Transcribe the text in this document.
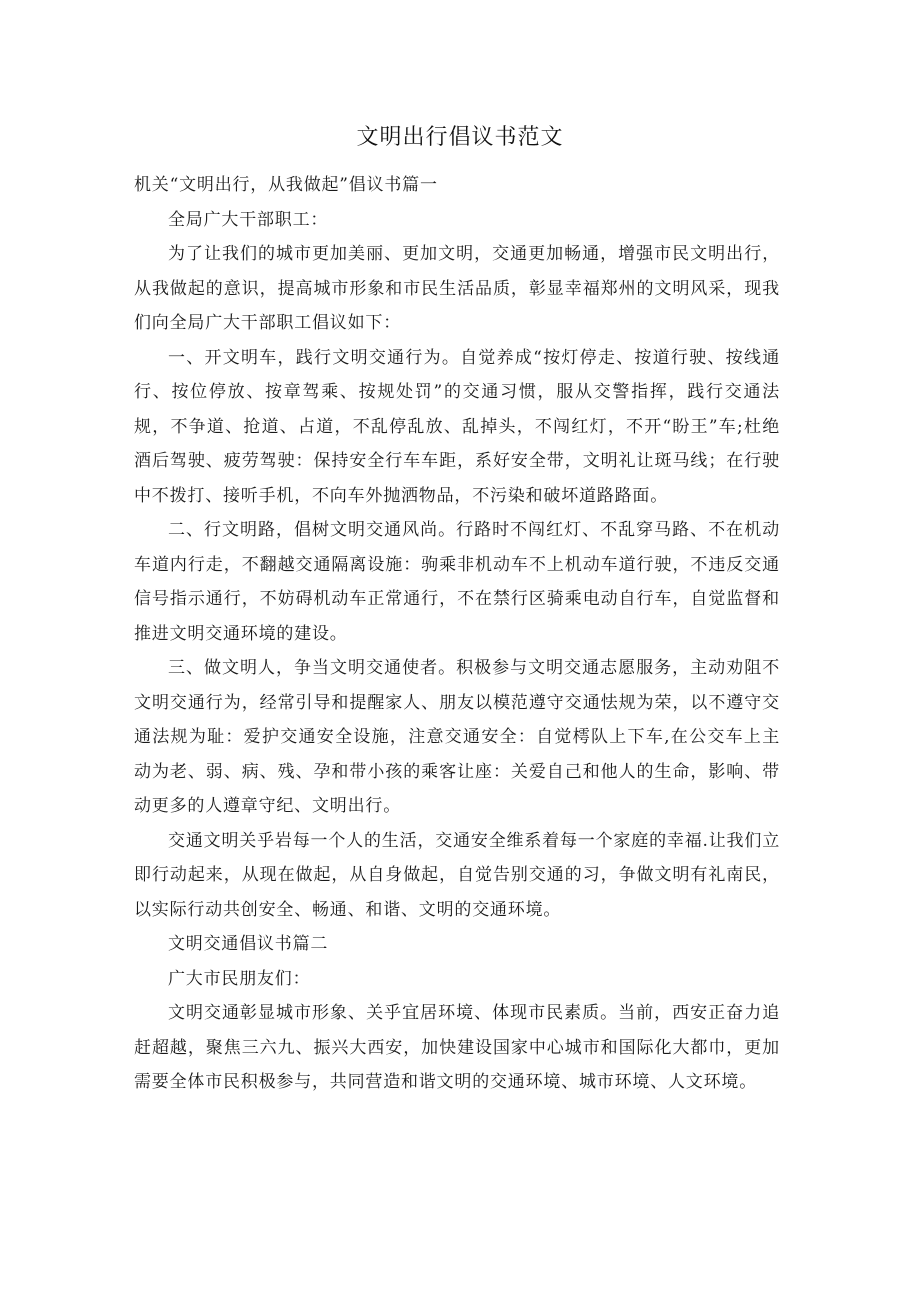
文明出行倡议书范文

机关“文明出行，从我做起”倡议书篇一

全局广大干部职工：

为了让我们的城市更加美丽、更加文明，交通更加畅通，增强市民文明出行，从我做起的意识，提高城市形象和市民生活品质，彰显幸福郑州的文明风采，现我们向全局广大干部职工倡议如下：

一、开文明车，践行文明交通行为。自觉养成“按灯停走、按道行驶、按线通行、按位停放、按章驾乘、按规处罚”的交通习惯，服从交警指挥，践行交通法规，不争道、抢道、占道，不乱停乱放、乱掉头，不闯红灯，不开“盼王”车;杜绝酒后驾驶、疲劳驾驶：保持安全行车车距，系好安全带，文明礼让斑马线；在行驶中不拨打、接听手机，不向车外抛洒物品，不污染和破坏道路路面。

二、行文明路，倡树文明交通风尚。行路时不闯红灯、不乱穿马路、不在机动车道内行走，不翻越交通隔离设施：驹乘非机动车不上机动车道行驶，不违反交通信号指示通行，不妨碍机动车正常通行，不在禁行区骑乘电动自行车，自觉监督和推进文明交通环境的建设。

三、做文明人，争当文明交通使者。积极参与文明交通志愿服务，主动劝阻不文明交通行为，经常引导和提醒家人、朋友以模范遵守交通怯规为荣，以不遵守交通法规为耻：爱护交通安全设施，注意交通安全：自觉樗队上下车,在公交车上主动为老、弱、病、残、孕和带小孩的乘客让座：关爱自己和他人的生命，影响、带动更多的人遵章守纪、文明出行。

交通文明关乎岩每一个人的生活，交通安全维系着每一个家庭的幸福.让我们立即行动起来，从现在做起，从自身做起，自觉告别交通的习，争做文明有礼南民，以实际行动共创安全、畅通、和谐、文明的交通环境。

文明交通倡议书篇二

广大市民朋友们：

文明交通彰显城市形象、关乎宜居环境、体现市民素质。当前，西安正奋力追赶超越，聚焦三六九、振兴大西安，加快建设国家中心城市和国际化大都巾，更加需要全体市民积极参与，共同营造和谐文明的交通环境、城市环境、人文环境。
